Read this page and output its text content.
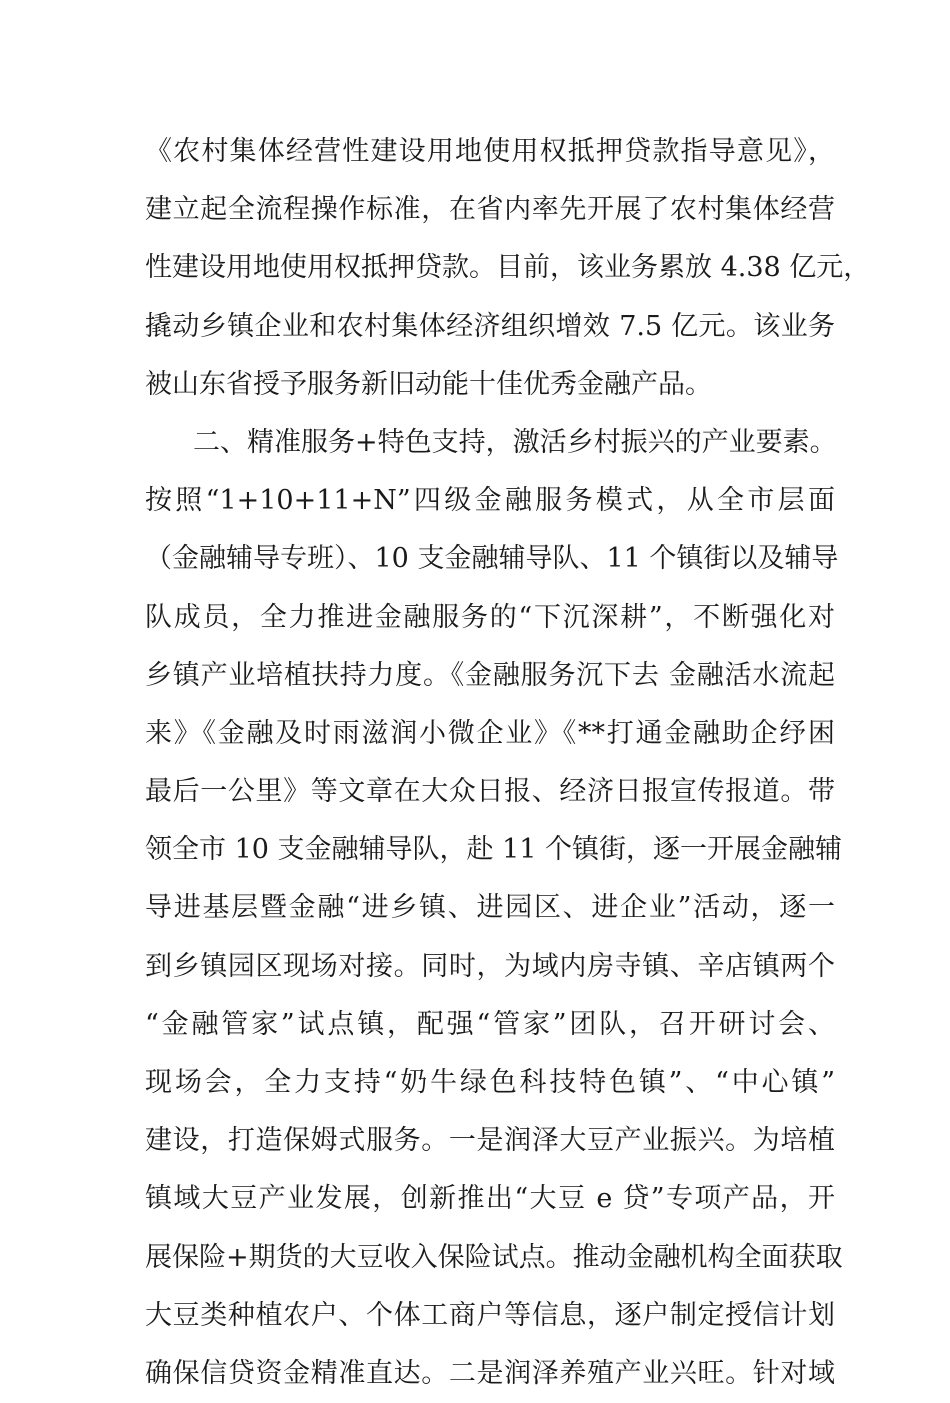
《农村集体经营性建设用地使用权抵押贷款指导意见》，
建立起全流程操作标准，在省内率先开展了农村集体经营
性建设用地使用权抵押贷款。目前，该业务累放 4.38 亿元，
撬动乡镇企业和农村集体经济组织增效 7.5 亿元。该业务
被山东省授予服务新旧动能十佳优秀金融产品。
二、精准服务+特色支持，激活乡村振兴的产业要素。
按照“1+10+11+N”四级金融服务模式，从全市层面
（金融辅导专班）、10 支金融辅导队、11 个镇街以及辅导
队成员，全力推进金融服务的“下沉深耕”，不断强化对
乡镇产业培植扶持力度。《金融服务沉下去 金融活水流起
来》《金融及时雨滋润小微企业》《**打通金融助企纾困
最后一公里》等文章在大众日报、经济日报宣传报道。带
领全市 10 支金融辅导队，赴 11 个镇街，逐一开展金融辅
导进基层暨金融“进乡镇、进园区、进企业”活动，逐一
到乡镇园区现场对接。同时，为域内房寺镇、辛店镇两个
“金融管家”试点镇，配强“管家”团队，召开研讨会、
现场会，全力支持“奶牛绿色科技特色镇”、“中心镇”
建设，打造保姆式服务。一是润泽大豆产业振兴。为培植
镇域大豆产业发展，创新推出“大豆 e 贷”专项产品，开
展保险+期货的大豆收入保险试点。推动金融机构全面获取
大豆类种植农户、个体工商户等信息，逐户制定授信计划
确保信贷资金精准直达。二是润泽养殖产业兴旺。针对域
